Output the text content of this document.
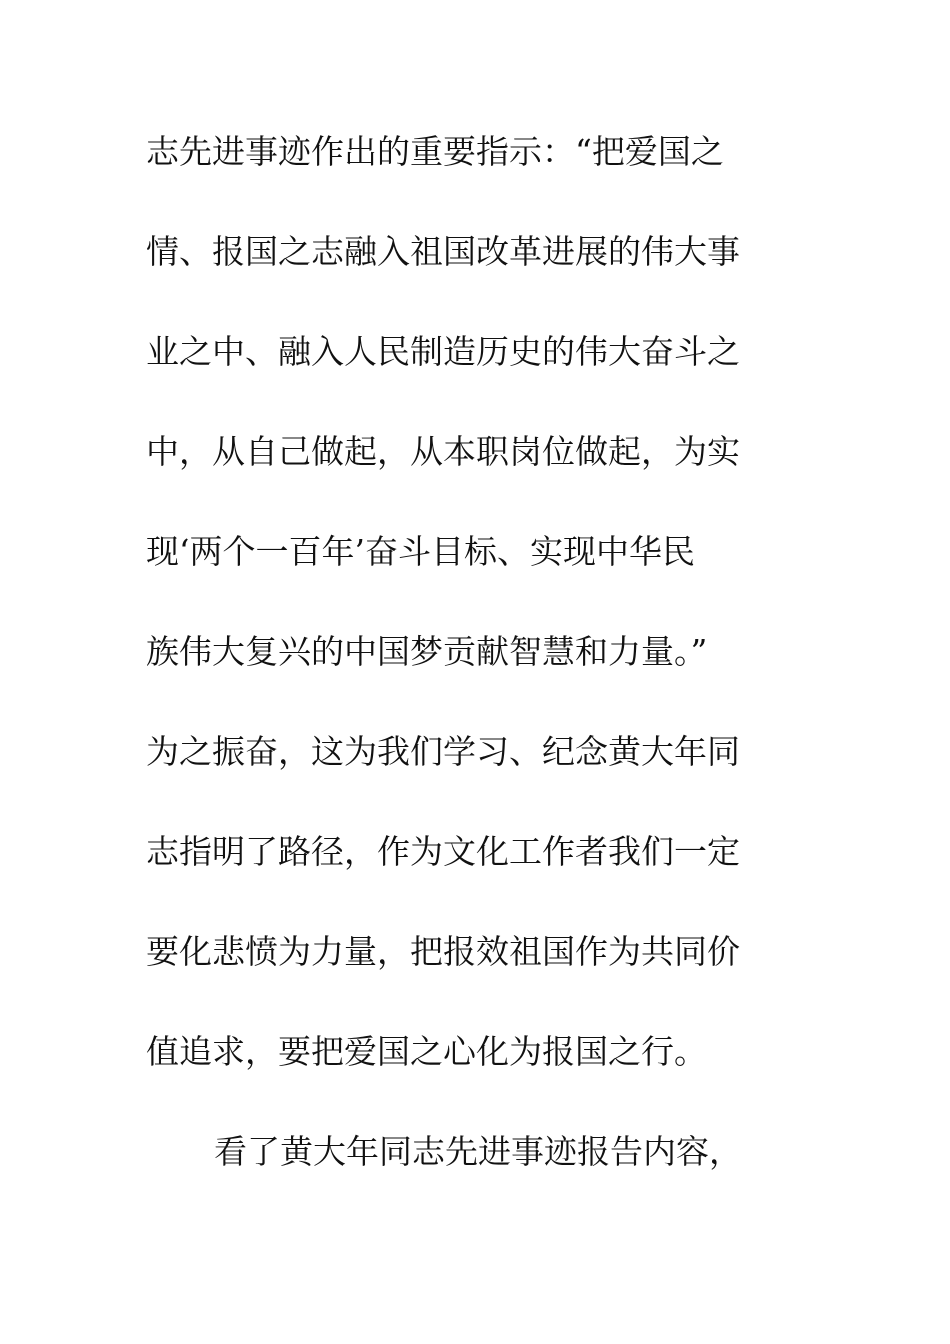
志先进事迹作出的重要指示：“把爱国之
情、报国之志融入祖国改革进展的伟大事
业之中、融入人民制造历史的伟大奋斗之
中，从自己做起，从本职岗位做起，为实
现‘两个一百年’奋斗目标、实现中华民
族伟大复兴的中国梦贡献智慧和力量。”
为之振奋，这为我们学习、纪念黄大年同
志指明了路径，作为文化工作者我们一定
要化悲愤为力量，把报效祖国作为共同价
值追求，要把爱国之心化为报国之行。
看了黄大年同志先进事迹报告内容，
